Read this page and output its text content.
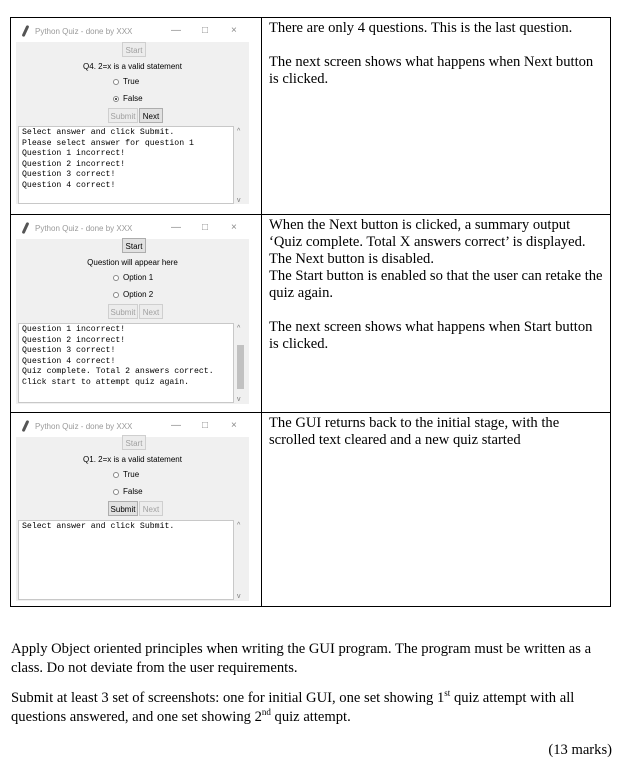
Python Quiz - done by XXX	— □ ×
Start
Q4. 2=x is a valid statement
True
False
Submit Next
Select answer and click Submit.
Please select answer for question 1
Question 1 incorrect!
Question 2 incorrect!
Question 3 correct!
Question 4 correct!
^
v

There are only 4 questions. This is the last question.

The next screen shows what happens when Next button is clicked.

Python Quiz - done by XXX	— □ ×
Start
Question will appear here
Option 1
Option 2
Submit Next
Question 1 incorrect!
Question 2 incorrect!
Question 3 correct!
Question 4 correct!
Quiz complete. Total 2 answers correct.
Click start to attempt quiz again.
^
v

When the Next button is clicked, a summary output ‘Quiz complete. Total X answers correct’ is displayed.

The Next button is disabled.

The Start button is enabled so that the user can retake the quiz again.

The next screen shows what happens when Start button is clicked.

Python Quiz - done by XXX	— □ ×
Start
Q1. 2=x is a valid statement
True
False
Submit Next
Select answer and click Submit.	^
v

The GUI returns back to the initial stage, with the scrolled text cleared and a new quiz started

Apply Object oriented principles when writing the GUI program. The program must be written as a class. Do not deviate from the user requirements.
Submit at least 3 set of screenshots: one for initial GUI, one set showing 1st quiz attempt with all questions answered, and one set showing 2nd quiz attempt.
(13 marks)
